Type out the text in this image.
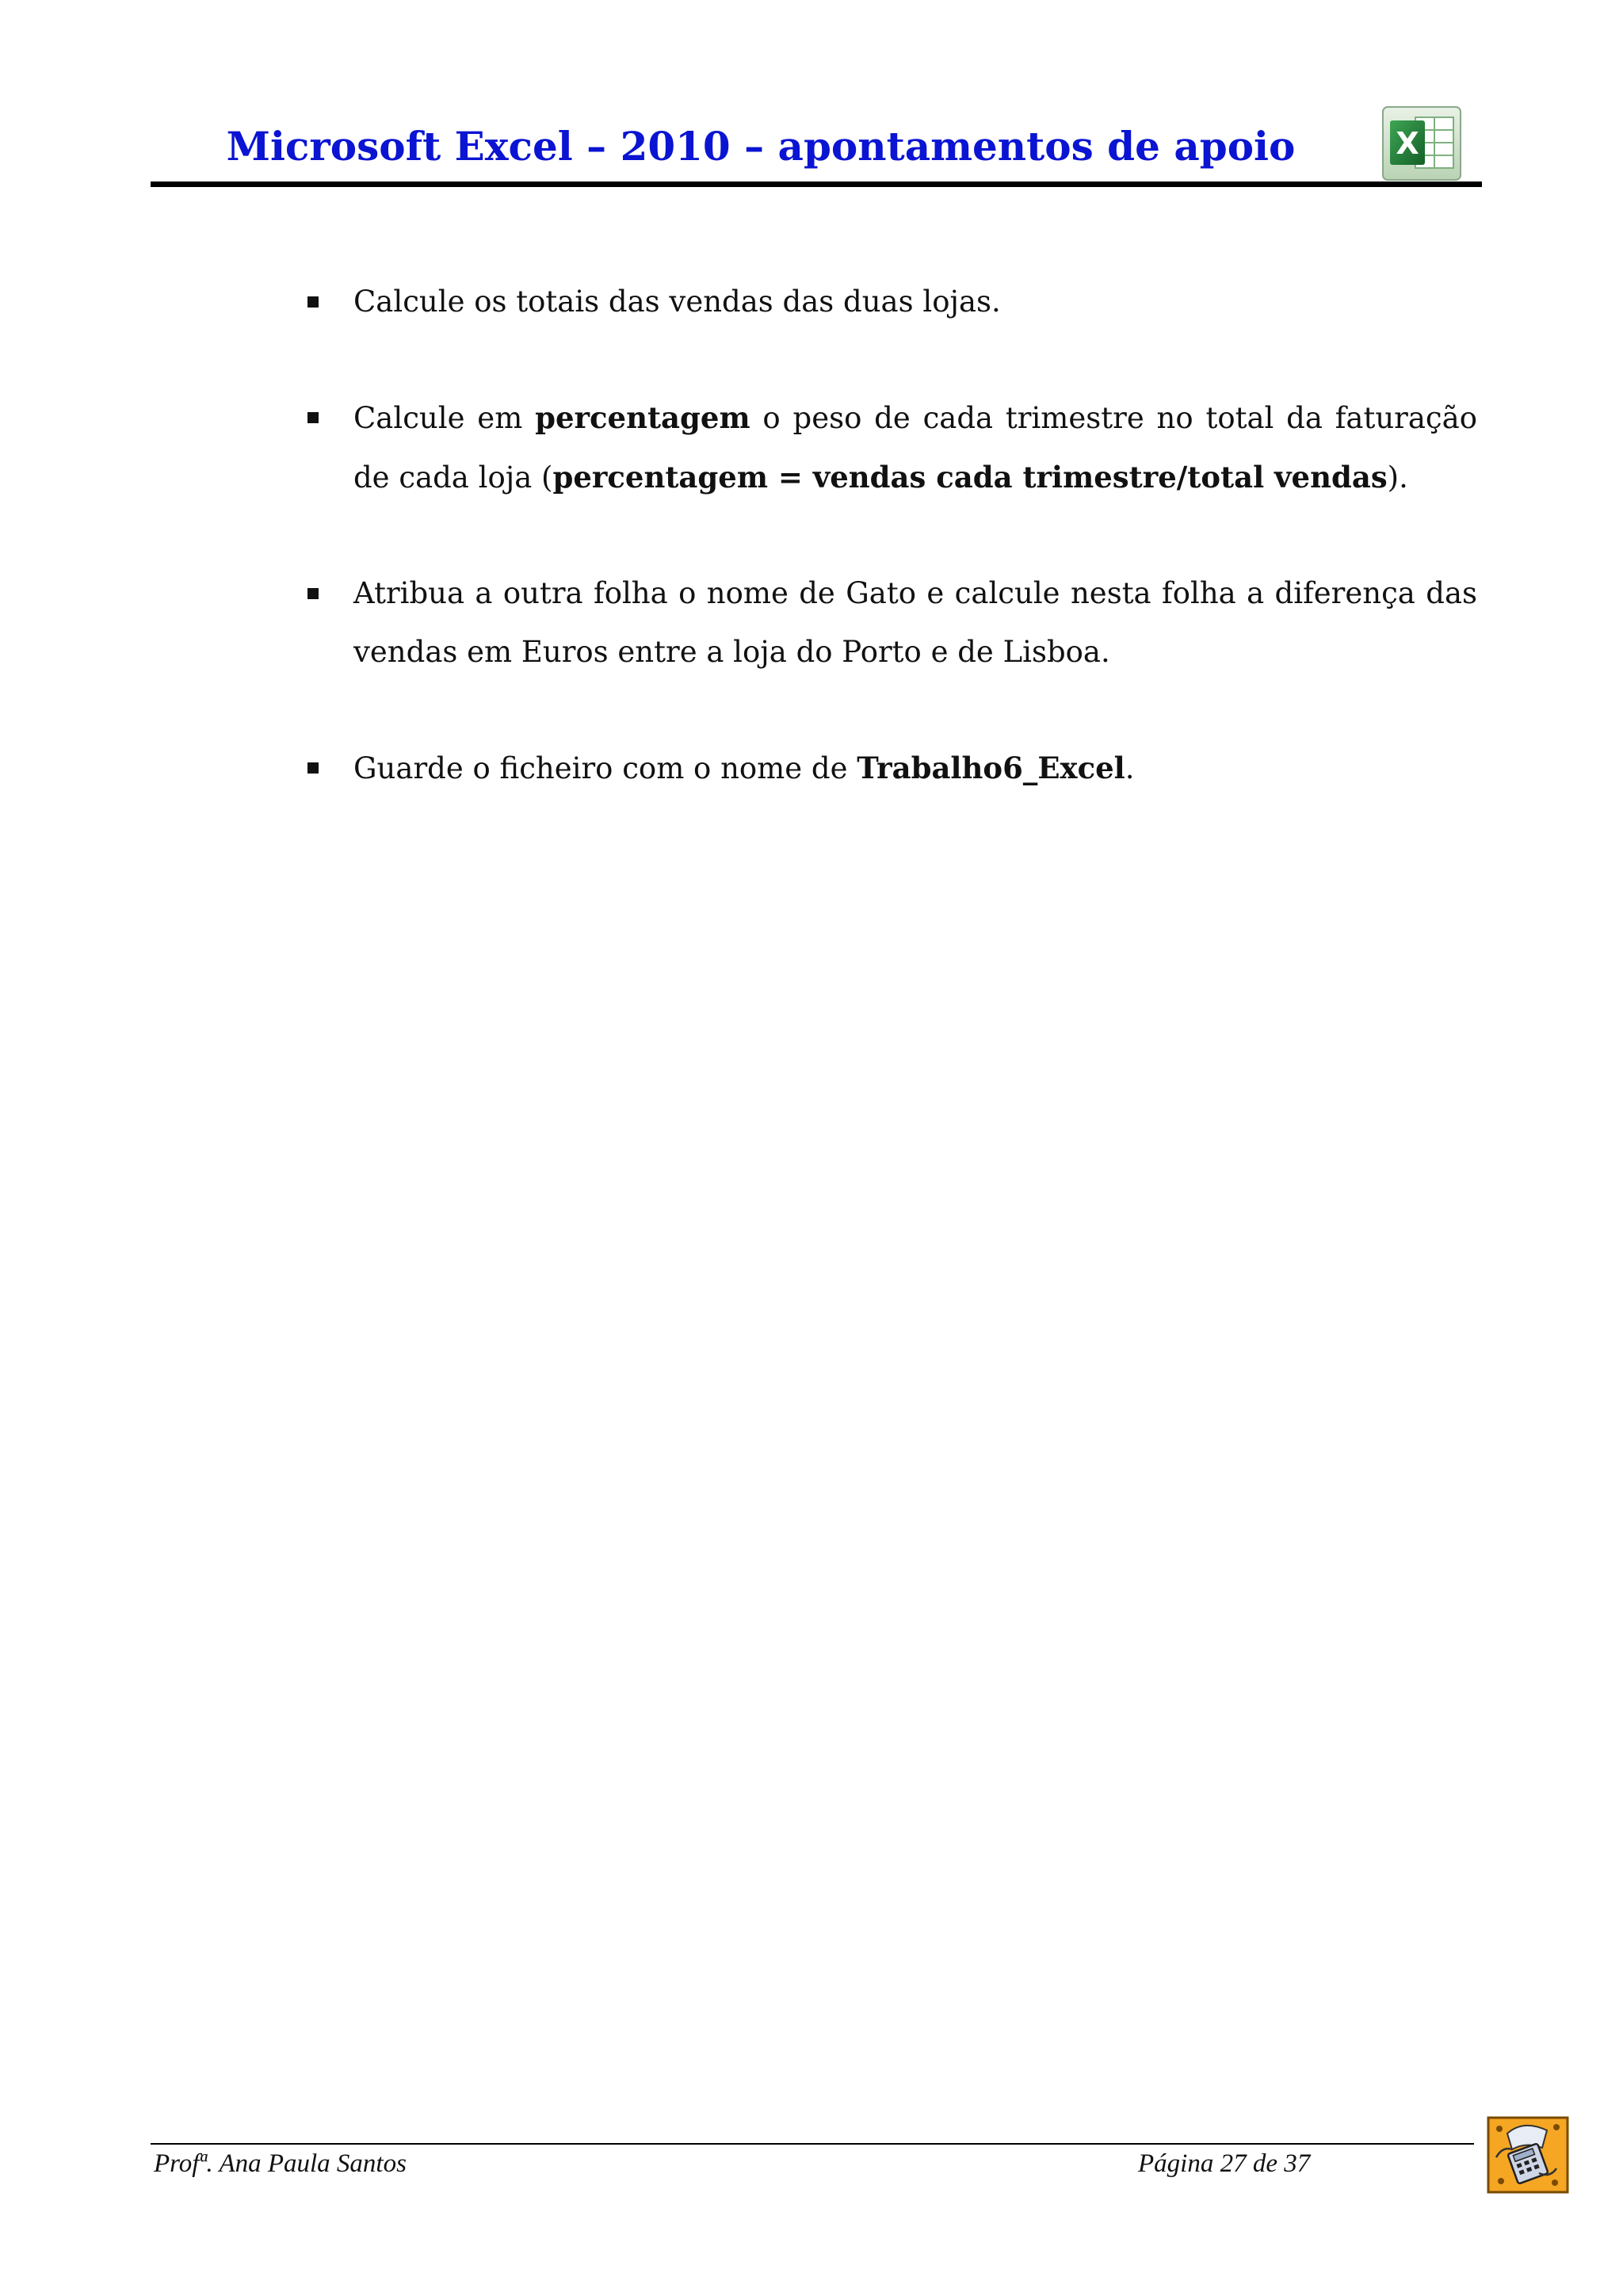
Microsoft Excel – 2010 – apontamentos de apoio	X
Calcule os totais das vendas das duas lojas.
Calcule em percentagem o peso de cada trimestre no total da faturação de cada loja (percentagem = vendas cada trimestre/total vendas).
Atribua a outra folha o nome de Gato e calcule nesta folha a diferença das vendas em Euros entre a loja do Porto e de Lisboa.
Guarde o ficheiro com o nome de Trabalho6_Excel.
Profª. Ana Paula Santos	Página 27 de 37
